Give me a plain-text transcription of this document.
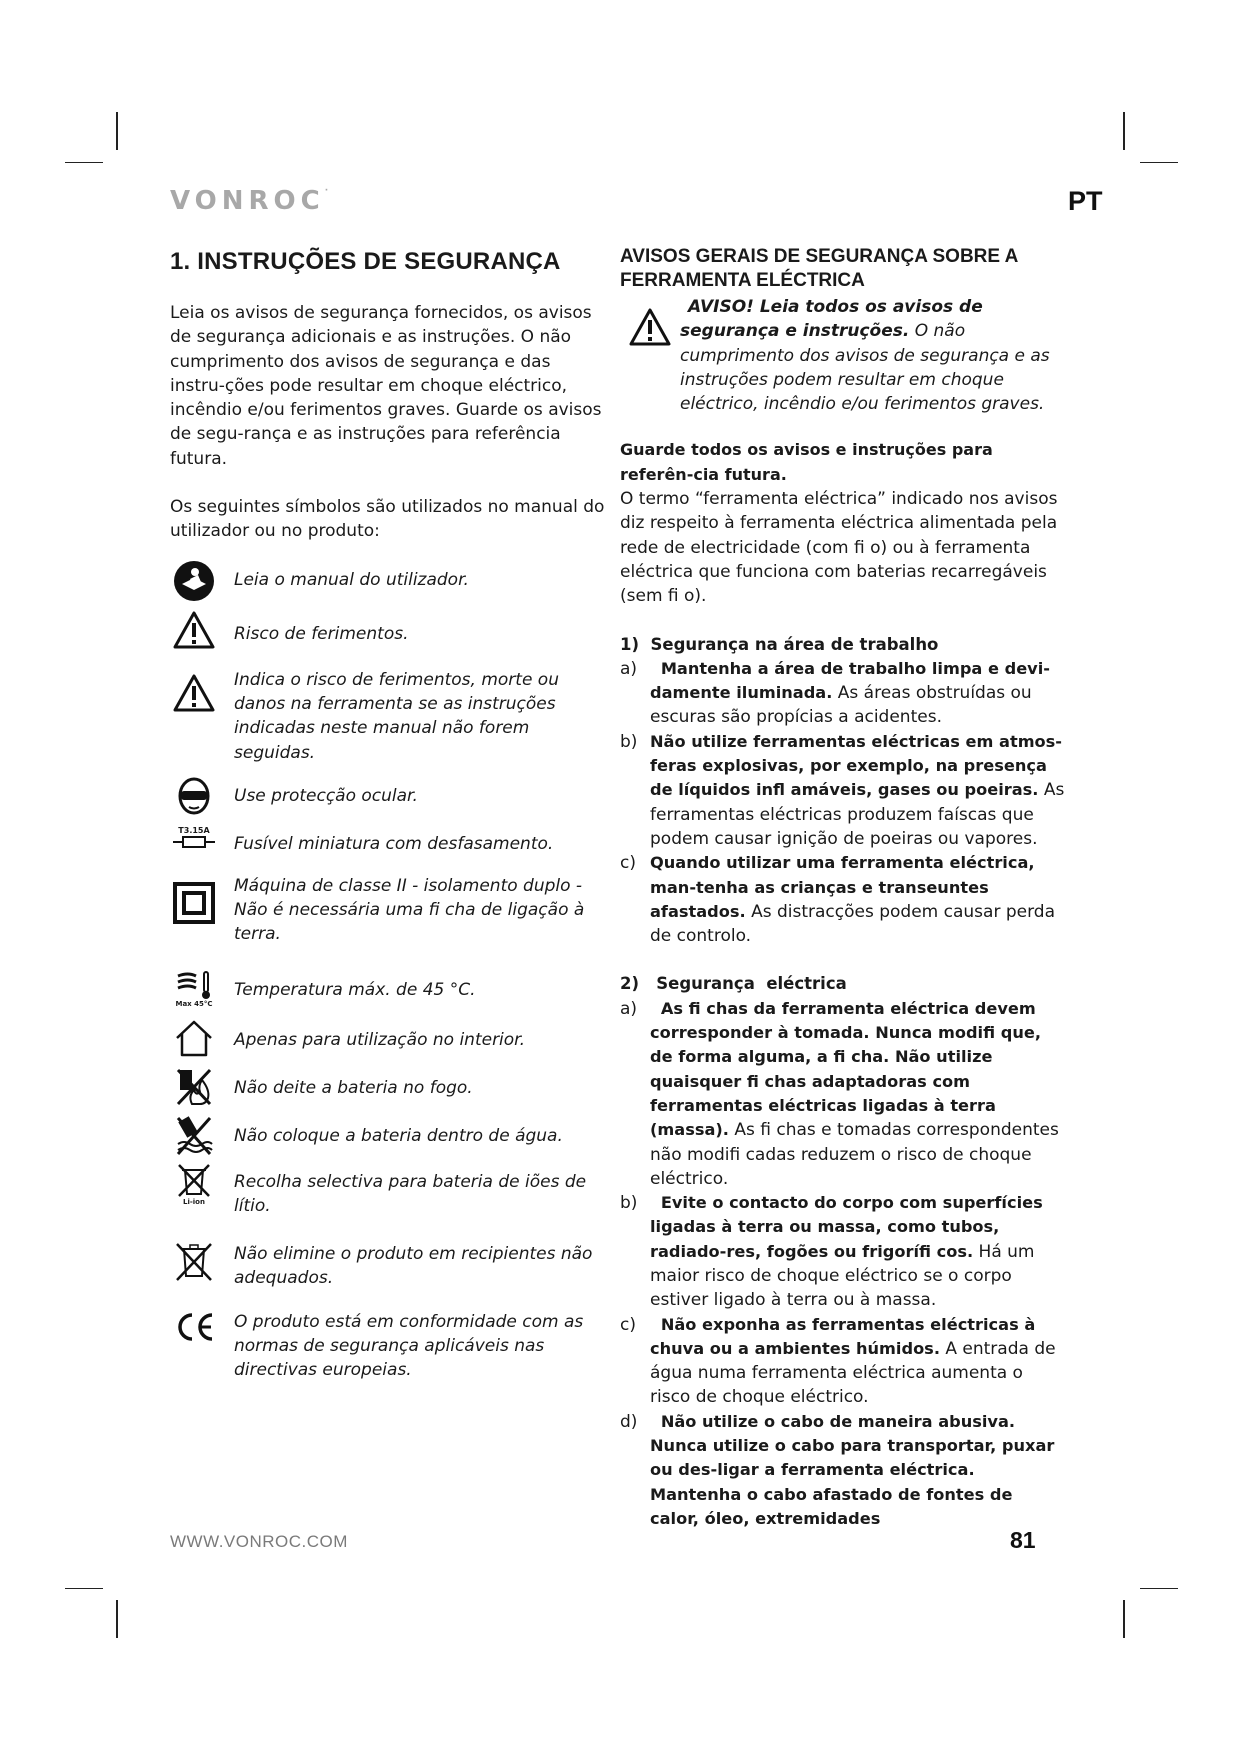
VONROC·	PT
1. INSTRUÇÕES DE SEGURANÇA
Leia os avisos de segurança fornecidos, os avisos de segurança adicionais e as instruções. O não cumprimento dos avisos de segurança e das instru-ções pode resultar em choque eléctrico, incêndio e/ou ferimentos graves. Guarde os avisos de segu-rança e as instruções para referência futura.
Os seguintes símbolos são utilizados no manual do utilizador ou no produto:
Leia o manual do utilizador.
Risco de ferimentos.
Indica o risco de ferimentos, morte ou danos na ferramenta se as instruções indicadas neste manual não forem seguidas.
Use protecção ocular.
T3.15A
Fusível miniatura com desfasamento.
Máquina de classe II - isolamento duplo - Não é necessária uma fi cha de ligação à terra.
Max 45°C
Temperatura máx. de 45 °C.
Apenas para utilização no interior.
Não deite a bateria no fogo.
Não coloque a bateria dentro de água.
Li-ion
Recolha selectiva para bateria de iões de lítio.
Não elimine o produto em recipientes não adequados.
O produto está em conformidade com as normas de segurança aplicáveis nas directivas europeias.
AVISOS GERAIS DE SEGURANÇA SOBRE A FERRAMENTA ELÉCTRICA
AVISO! Leia todos os avisos de segurança e instruções. O não cumprimento dos avisos de segurança e as instruções podem resultar em choque eléctrico, incêndio e/ou ferimentos graves.
Guarde todos os avisos e instruções para referên-cia futura.
O termo “ferramenta eléctrica” indicado nos avisos diz respeito à ferramenta eléctrica alimentada pela rede de electricidade (com fi o) ou à ferramenta eléctrica que funciona com baterias recarregáveis (sem fi o).
1) Segurança na área de trabalho
a)	Mantenha a área de trabalho limpa e devi-damente iluminada. As áreas obstruídas ou escuras são propícias a acidentes.
b) Não utilize ferramentas eléctricas em atmos-feras explosivas, por exemplo, na presença de líquidos infl amáveis, gases ou poeiras. As ferramentas eléctricas produzem faíscas que podem causar ignição de poeiras ou vapores.
c) Quando utilizar uma ferramenta eléctrica, man-tenha as crianças e transeuntes afastados. As distracções podem causar perda de controlo.
2) Segurança  eléctrica
a)	As fi chas da ferramenta eléctrica devem corresponder à tomada. Nunca modifi que, de forma alguma, a fi cha. Não utilize quaisquer fi chas adaptadoras com ferramentas eléctricas ligadas à terra (massa). As fi chas e tomadas correspondentes não modifi cadas reduzem o risco de choque eléctrico.
b)	Evite o contacto do corpo com superfícies ligadas à terra ou massa, como tubos, radiado-res, fogões ou frigorífi cos. Há um maior risco de choque eléctrico se o corpo estiver ligado à terra ou à massa.
c)	Não exponha as ferramentas eléctricas à chuva ou a ambientes húmidos. A entrada de água numa ferramenta eléctrica aumenta o risco de choque eléctrico.
d)	Não utilize o cabo de maneira abusiva. Nunca utilize o cabo para transportar, puxar ou des-ligar a ferramenta eléctrica. Mantenha o cabo afastado de fontes de calor, óleo, extremidades
WWW.VONROC.COM	81
